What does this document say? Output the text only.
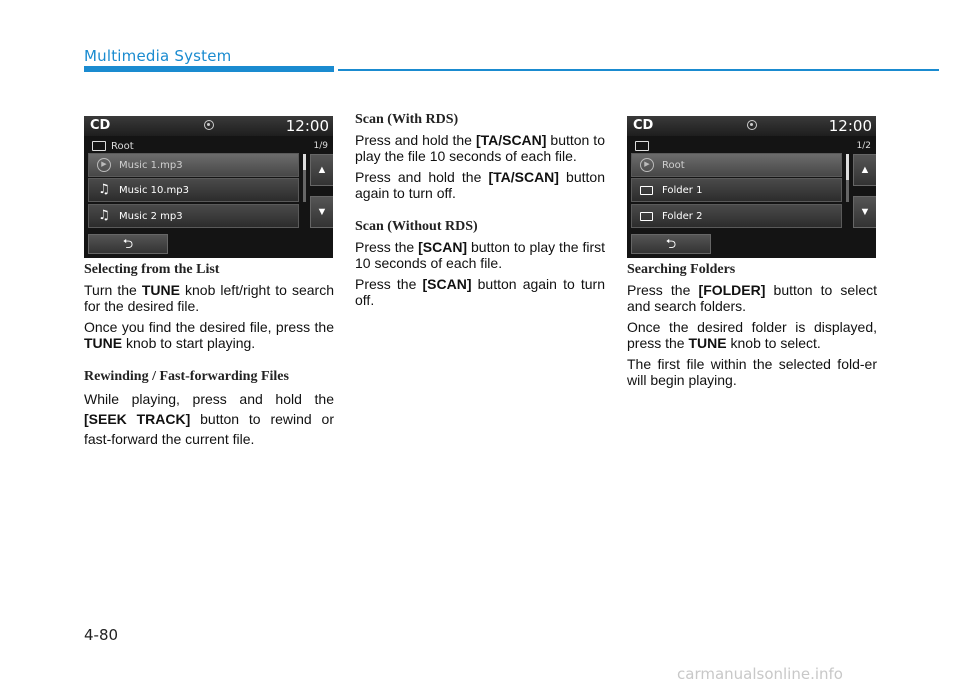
Multimedia System
CD	12:00
Root	1/9
▶	Music 1.mp3
♫ Music 10.mp3
♫ Music 2 mp3
▲
▼
⮌
Selecting from the List

Turn the TUNE knob left/right to search for the desired file.

Once you find the desired file, press the TUNE knob to start playing.

Rewinding / Fast-forwarding Files

While playing, press and hold the [SEEK TRACK] button to rewind or fast-forward the current file.

Scan (With RDS)

Press and hold the [TA/SCAN] button to play the file 10 seconds of each file.

Press and hold the [TA/SCAN] button again to turn off.

Scan (Without RDS)

Press the [SCAN] button to play the first 10 seconds of each file.

Press the [SCAN] button again to turn off.

CD	12:00
1/2
▶	Root
Folder 1
Folder 2
▲
▼
⮌
Searching Folders

Press the [FOLDER] button to select and search folders.

Once the desired folder is displayed, press the TUNE knob to select.

The first file within the selected fold-er will begin playing.

4-80
carmanualsonline.info
